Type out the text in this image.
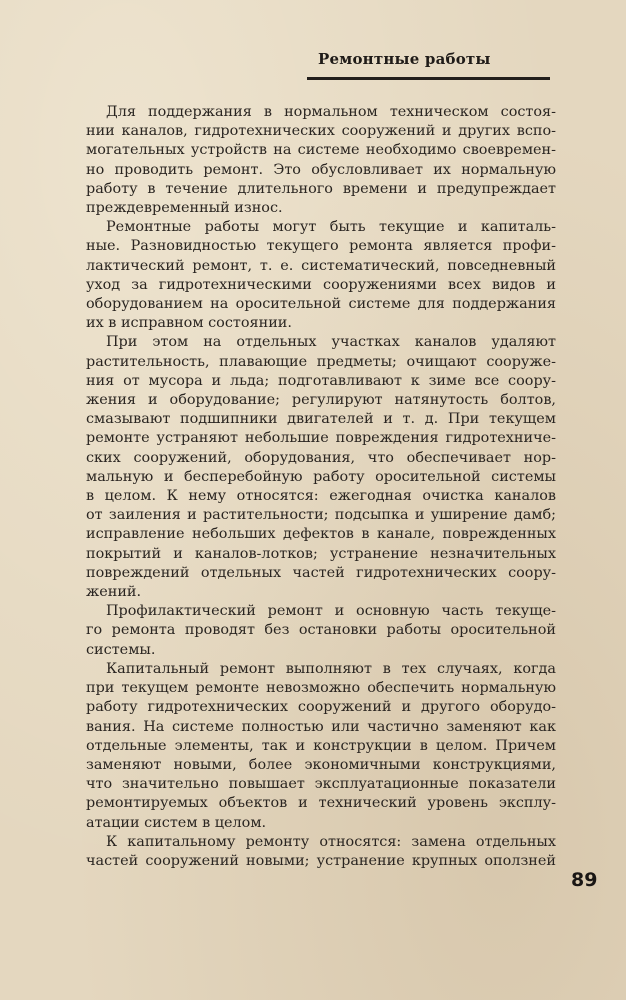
Ремонтные работы
Для поддержания в нормальном техническом состоя-
нии каналов, гидротехнических сооружений и других вспо-
могательных устройств на системе необходимо своевремен-
но проводить ремонт. Это обусловливает их нормальную
работу в течение длительного времени и предупреждает
преждевременный износ.
Ремонтные работы могут быть текущие и капиталь-
ные. Разновидностью текущего ремонта является профи-
лактический ремонт, т. е. систематический, повседневный
уход за гидротехническими сооружениями всех видов и
оборудованием на оросительной системе для поддержания
их в исправном состоянии.
При этом на отдельных участках каналов удаляют
растительность, плавающие предметы; очищают сооруже-
ния от мусора и льда; подготавливают к зиме все соору-
жения и оборудование; регулируют натянутость болтов,
смазывают подшипники двигателей и т. д. При текущем
ремонте устраняют небольшие повреждения гидротехниче-
ских сооружений, оборудования, что обеспечивает нор-
мальную и бесперебойную работу оросительной системы
в целом. К нему относятся: ежегодная очистка каналов
от заиления и растительности; подсыпка и уширение дамб;
исправление небольших дефектов в канале, поврежденных
покрытий и каналов-лотков; устранение незначительных
повреждений отдельных частей гидротехнических соору-
жений.
Профилактический ремонт и основную часть текуще-
го ремонта проводят без остановки работы оросительной
системы.
Капитальный ремонт выполняют в тех случаях, когда
при текущем ремонте невозможно обеспечить нормальную
работу гидротехнических сооружений и другого оборудо-
вания. На системе полностью или частично заменяют как
отдельные элементы, так и конструкции в целом. Причем
заменяют новыми, более экономичными конструкциями,
что значительно повышает эксплуатационные показатели
ремонтируемых объектов и технический уровень эксплу-
атации систем в целом.
К капитальному ремонту относятся: замена отдельных
частей сооружений новыми; устранение крупных оползней
89
